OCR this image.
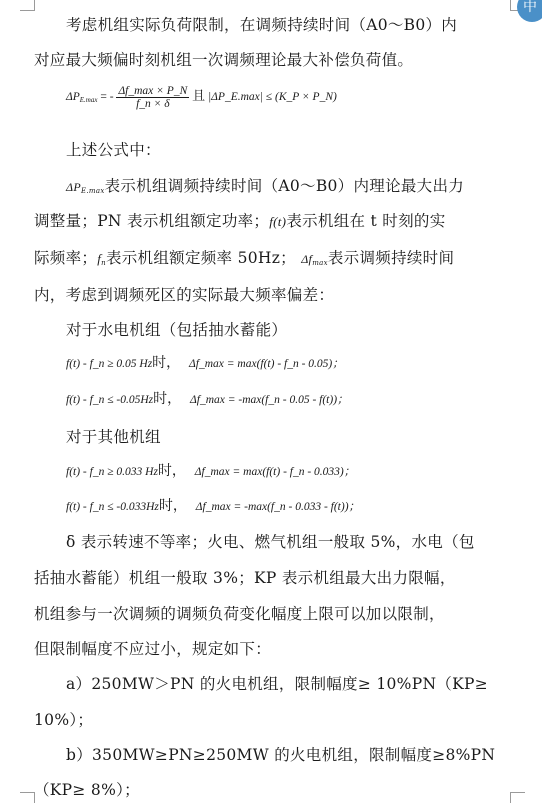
中
考虑机组实际负荷限制，在调频持续时间（A0～B0）内
对应最大频偏时刻机组一次调频理论最大补偿负荷值。
$\Delta P_{E.max}$ = - $\frac{\Delta f\_\max \times P\_N}{f\_n \times \delta}$ 且 |ΔP_E.max| ≤ (K_P × P_N)
上述公式中：
$\Delta P_{E.max}$表示机组调频持续时间（A0～B0）内理论最大出力
调整量；PN 表示机组额定功率；f(t)表示机组在 t 时刻的实
际频率；$f_n$表示机组额定频率 50Hz； $\Delta f_{max}$表示调频持续时间
内，考虑到调频死区的实际最大频率偏差：
对于水电机组（包括抽水蓄能）
f(t) - f_n ≥ 0.05 Hz时， Δf_max = max(f(t) - f_n - 0.05)；
f(t) - f_n ≤ -0.05Hz时， Δf_max = -max(f_n - 0.05 - f(t))；
对于其他机组
f(t) - f_n ≥ 0.033 Hz时， Δf_max = max(f(t) - f_n - 0.033)；
f(t) - f_n ≤ -0.033Hz时， Δf_max = -max(f_n - 0.033 - f(t))；
δ 表示转速不等率；火电、燃气机组一般取 5%，水电（包
括抽水蓄能）机组一般取 3%；KP 表示机组最大出力限幅，
机组参与一次调频的调频负荷变化幅度上限可以加以限制，
但限制幅度不应过小，规定如下：
a）250MW＞PN 的火电机组，限制幅度≥ 10%PN（KP≥
10%）；
b）350MW≥PN≥250MW 的火电机组，限制幅度≥8%PN
（KP≥ 8%）；
